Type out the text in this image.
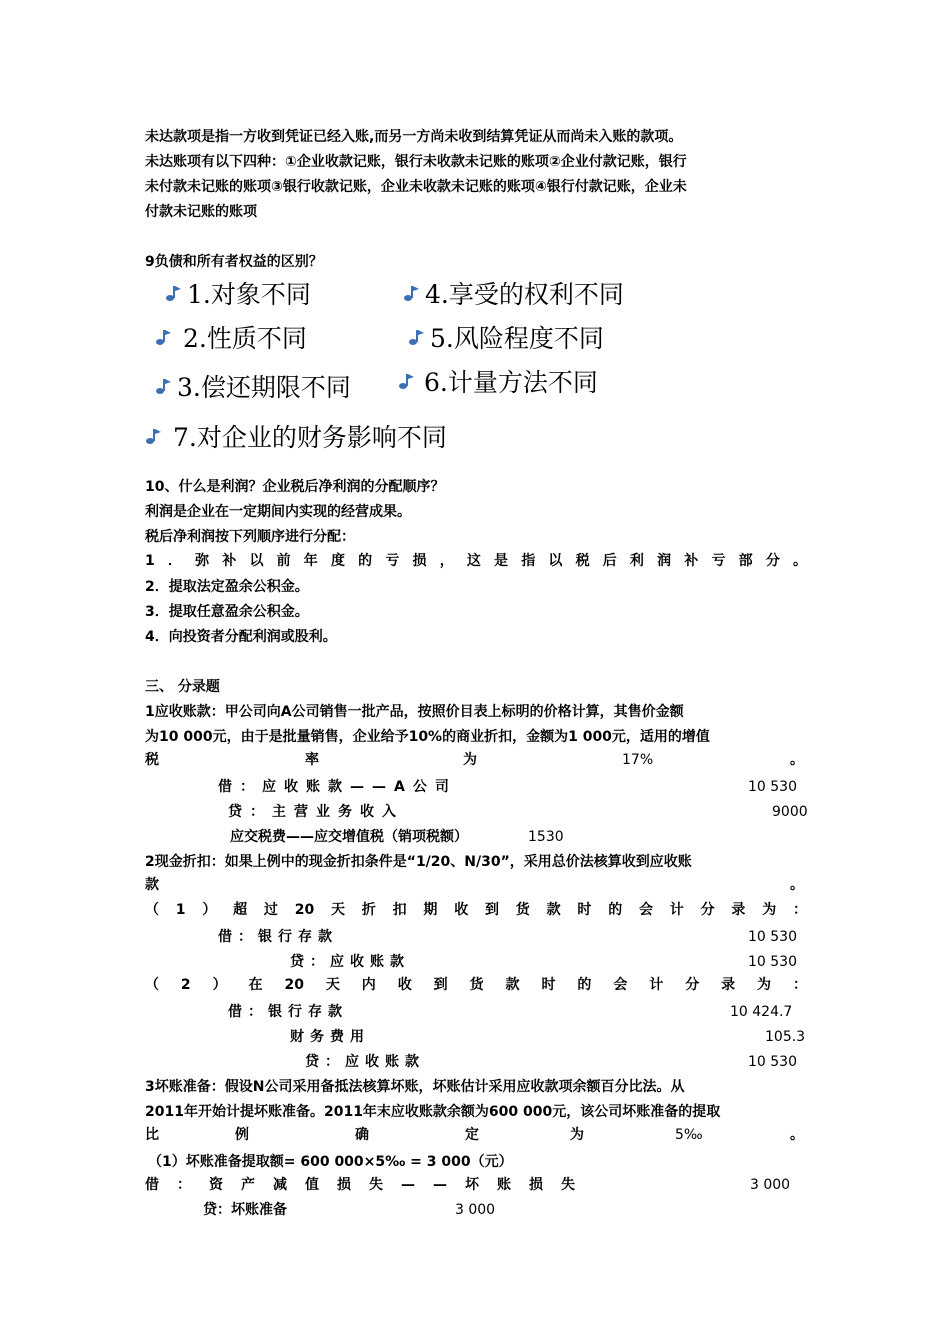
未达款项是指一方收到凭证已经入账,而另一方尚未收到结算凭证从而尚未入账的款项。
未达账项有以下四种：①企业收款记账，银行未收款未记账的账项②企业付款记账，银行
未付款未记账的账项③银行收款记账，企业未收款未记账的账项④银行付款记账，企业未
付款未记账的账项
9负债和所有者权益的区别？
1.对象不同	4.享受的权利不同
2.性质不同	5.风险程度不同
3.偿还期限不同	6.计量方法不同
7.对企业的财务影响不同
10、什么是利润？企业税后净利润的分配顺序？
利润是企业在一定期间内实现的经营成果。
税后净利润按下列顺序进行分配：
1．弥补以前年度的亏损，这是指以税后利润补亏部分。
2．提取法定盈余公积金。
3．提取任意盈余公积金。
4．向投资者分配利润或股利。
三、 分录题
1应收账款：甲公司向A公司销售一批产品，按照价目表上标明的价格计算，其售价金额
为10 000元，由于是批量销售，企业给予10%的商业折扣，金额为1 000元，适用的增值
税	率	为	17%	。
借：应收账款——A公司	10 530
贷：主营业务收入	9000
应交税费——应交增值税（销项税额）	1530
2现金折扣：如果上例中的现金折扣条件是“1/20、N/30”，采用总价法核算收到应收账
款	。
（1）超过20天折扣期收到货款时的会计分录为：
借：银行存款	10 530
贷：应收账款	10 530
（2）在20天内收到货款时的会计分录为：
借：银行存款	10 424.7
财务费用	105.3
贷：应收账款	10 530
3坏账准备：假设N公司采用备抵法核算坏账，坏账估计采用应收款项余额百分比法。从
2011年开始计提坏账准备。2011年末应收账款余额为600 000元，该公司坏账准备的提取
比	例	确	定	为	5‰	。
（1）坏账准备提取额= 600 000×5‰ = 3 000（元）
借：资产减值损失——坏账损失	3 000
贷：坏账准备	3 000
